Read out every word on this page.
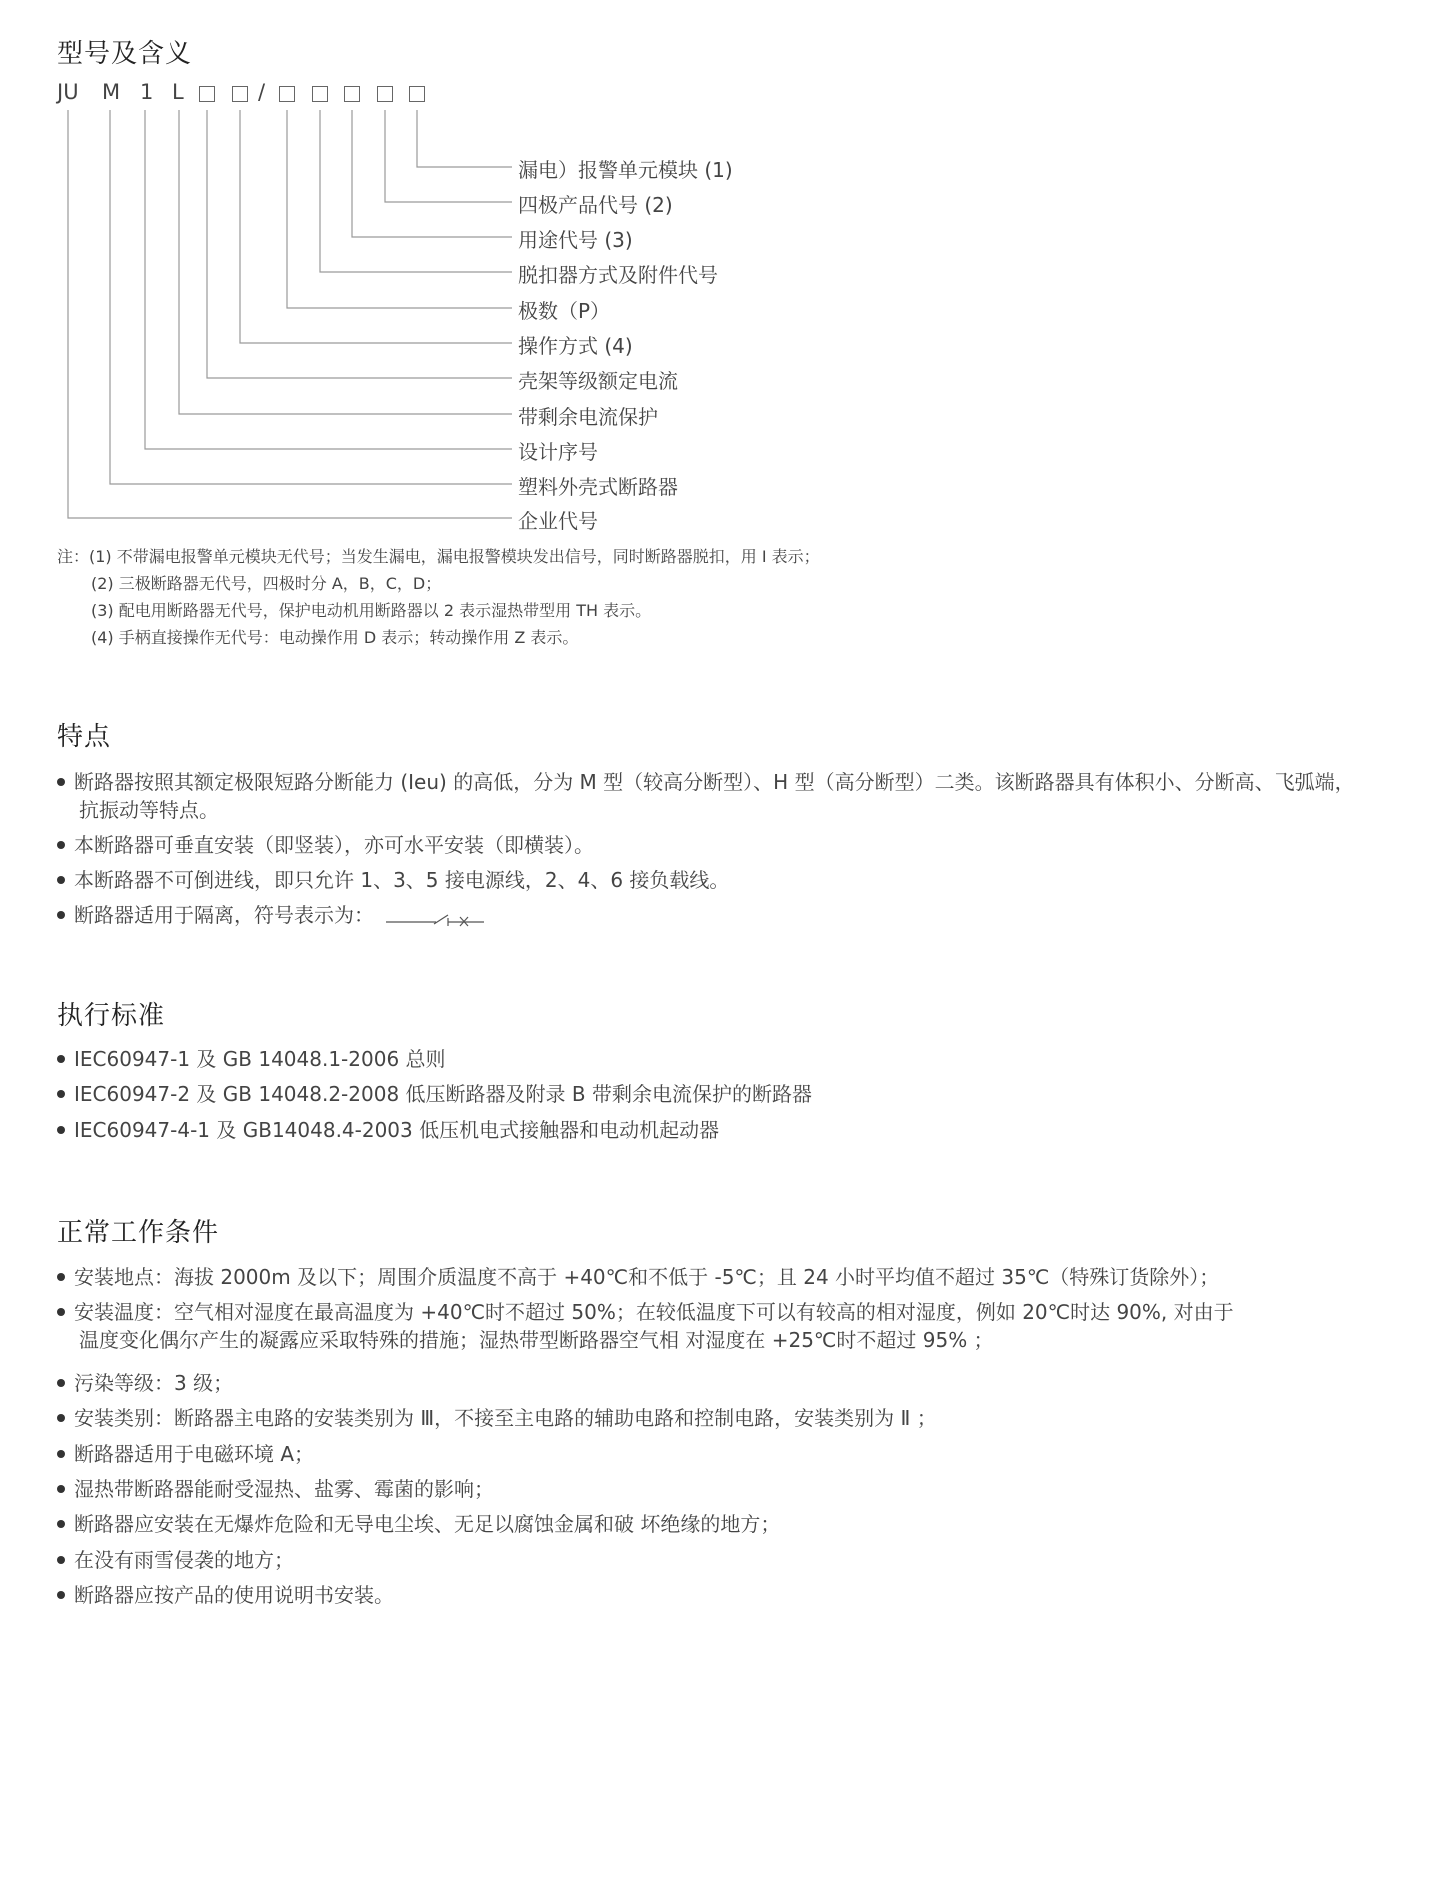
型号及含义
JU M 1 L	/
漏电）报警单元模块 (1)
四极产品代号 (2)
用途代号 (3)
脱扣器方式及附件代号
极数（P）
操作方式 (4)
壳架等级额定电流
带剩余电流保护
设计序号
塑料外壳式断路器
企业代号
注：(1) 不带漏电报警单元模块无代号；当发生漏电，漏电报警模块发出信号，同时断路器脱扣，用 I 表示；
(2) 三极断路器无代号，四极时分 A，B，C，D；
(3) 配电用断路器无代号，保护电动机用断路器以 2 表示湿热带型用 TH 表示。
(4) 手柄直接操作无代号：电动操作用 D 表示；转动操作用 Z 表示。
特点
断路器按照其额定极限短路分断能力 (Ieu) 的高低，分为 M 型（较高分断型）、H 型（高分断型）二类。该断路器具有体积小、分断高、飞弧端，
抗振动等特点。
本断路器可垂直安装（即竖装），亦可水平安装（即横装）。
本断路器不可倒进线，即只允许 1、3、5 接电源线，2、4、6 接负载线。
断路器适用于隔离，符号表示为：
执行标准
IEC60947-1 及 GB 14048.1-2006 总则
IEC60947-2 及 GB 14048.2-2008 低压断路器及附录 B 带剩余电流保护的断路器
IEC60947-4-1 及 GB14048.4-2003 低压机电式接触器和电动机起动器
正常工作条件
安装地点：海拔 2000m 及以下；周围介质温度不高于 +40℃和不低于 -5℃；且 24 小时平均值不超过 35℃（特殊订货除外）；
安装温度：空气相对湿度在最高温度为 +40℃时不超过 50%；在较低温度下可以有较高的相对湿度，例如 20℃时达 90%, 对由于
温度变化偶尔产生的凝露应采取特殊的措施；湿热带型断路器空气相 对湿度在 +25℃时不超过 95% ；
污染等级：3 级；
安装类别：断路器主电路的安装类别为 Ⅲ，不接至主电路的辅助电路和控制电路，安装类别为 Ⅱ ；
断路器适用于电磁环境 A；
湿热带断路器能耐受湿热、盐雾、霉菌的影响；
断路器应安装在无爆炸危险和无导电尘埃、无足以腐蚀金属和破 坏绝缘的地方；
在没有雨雪侵袭的地方；
断路器应按产品的使用说明书安装。
